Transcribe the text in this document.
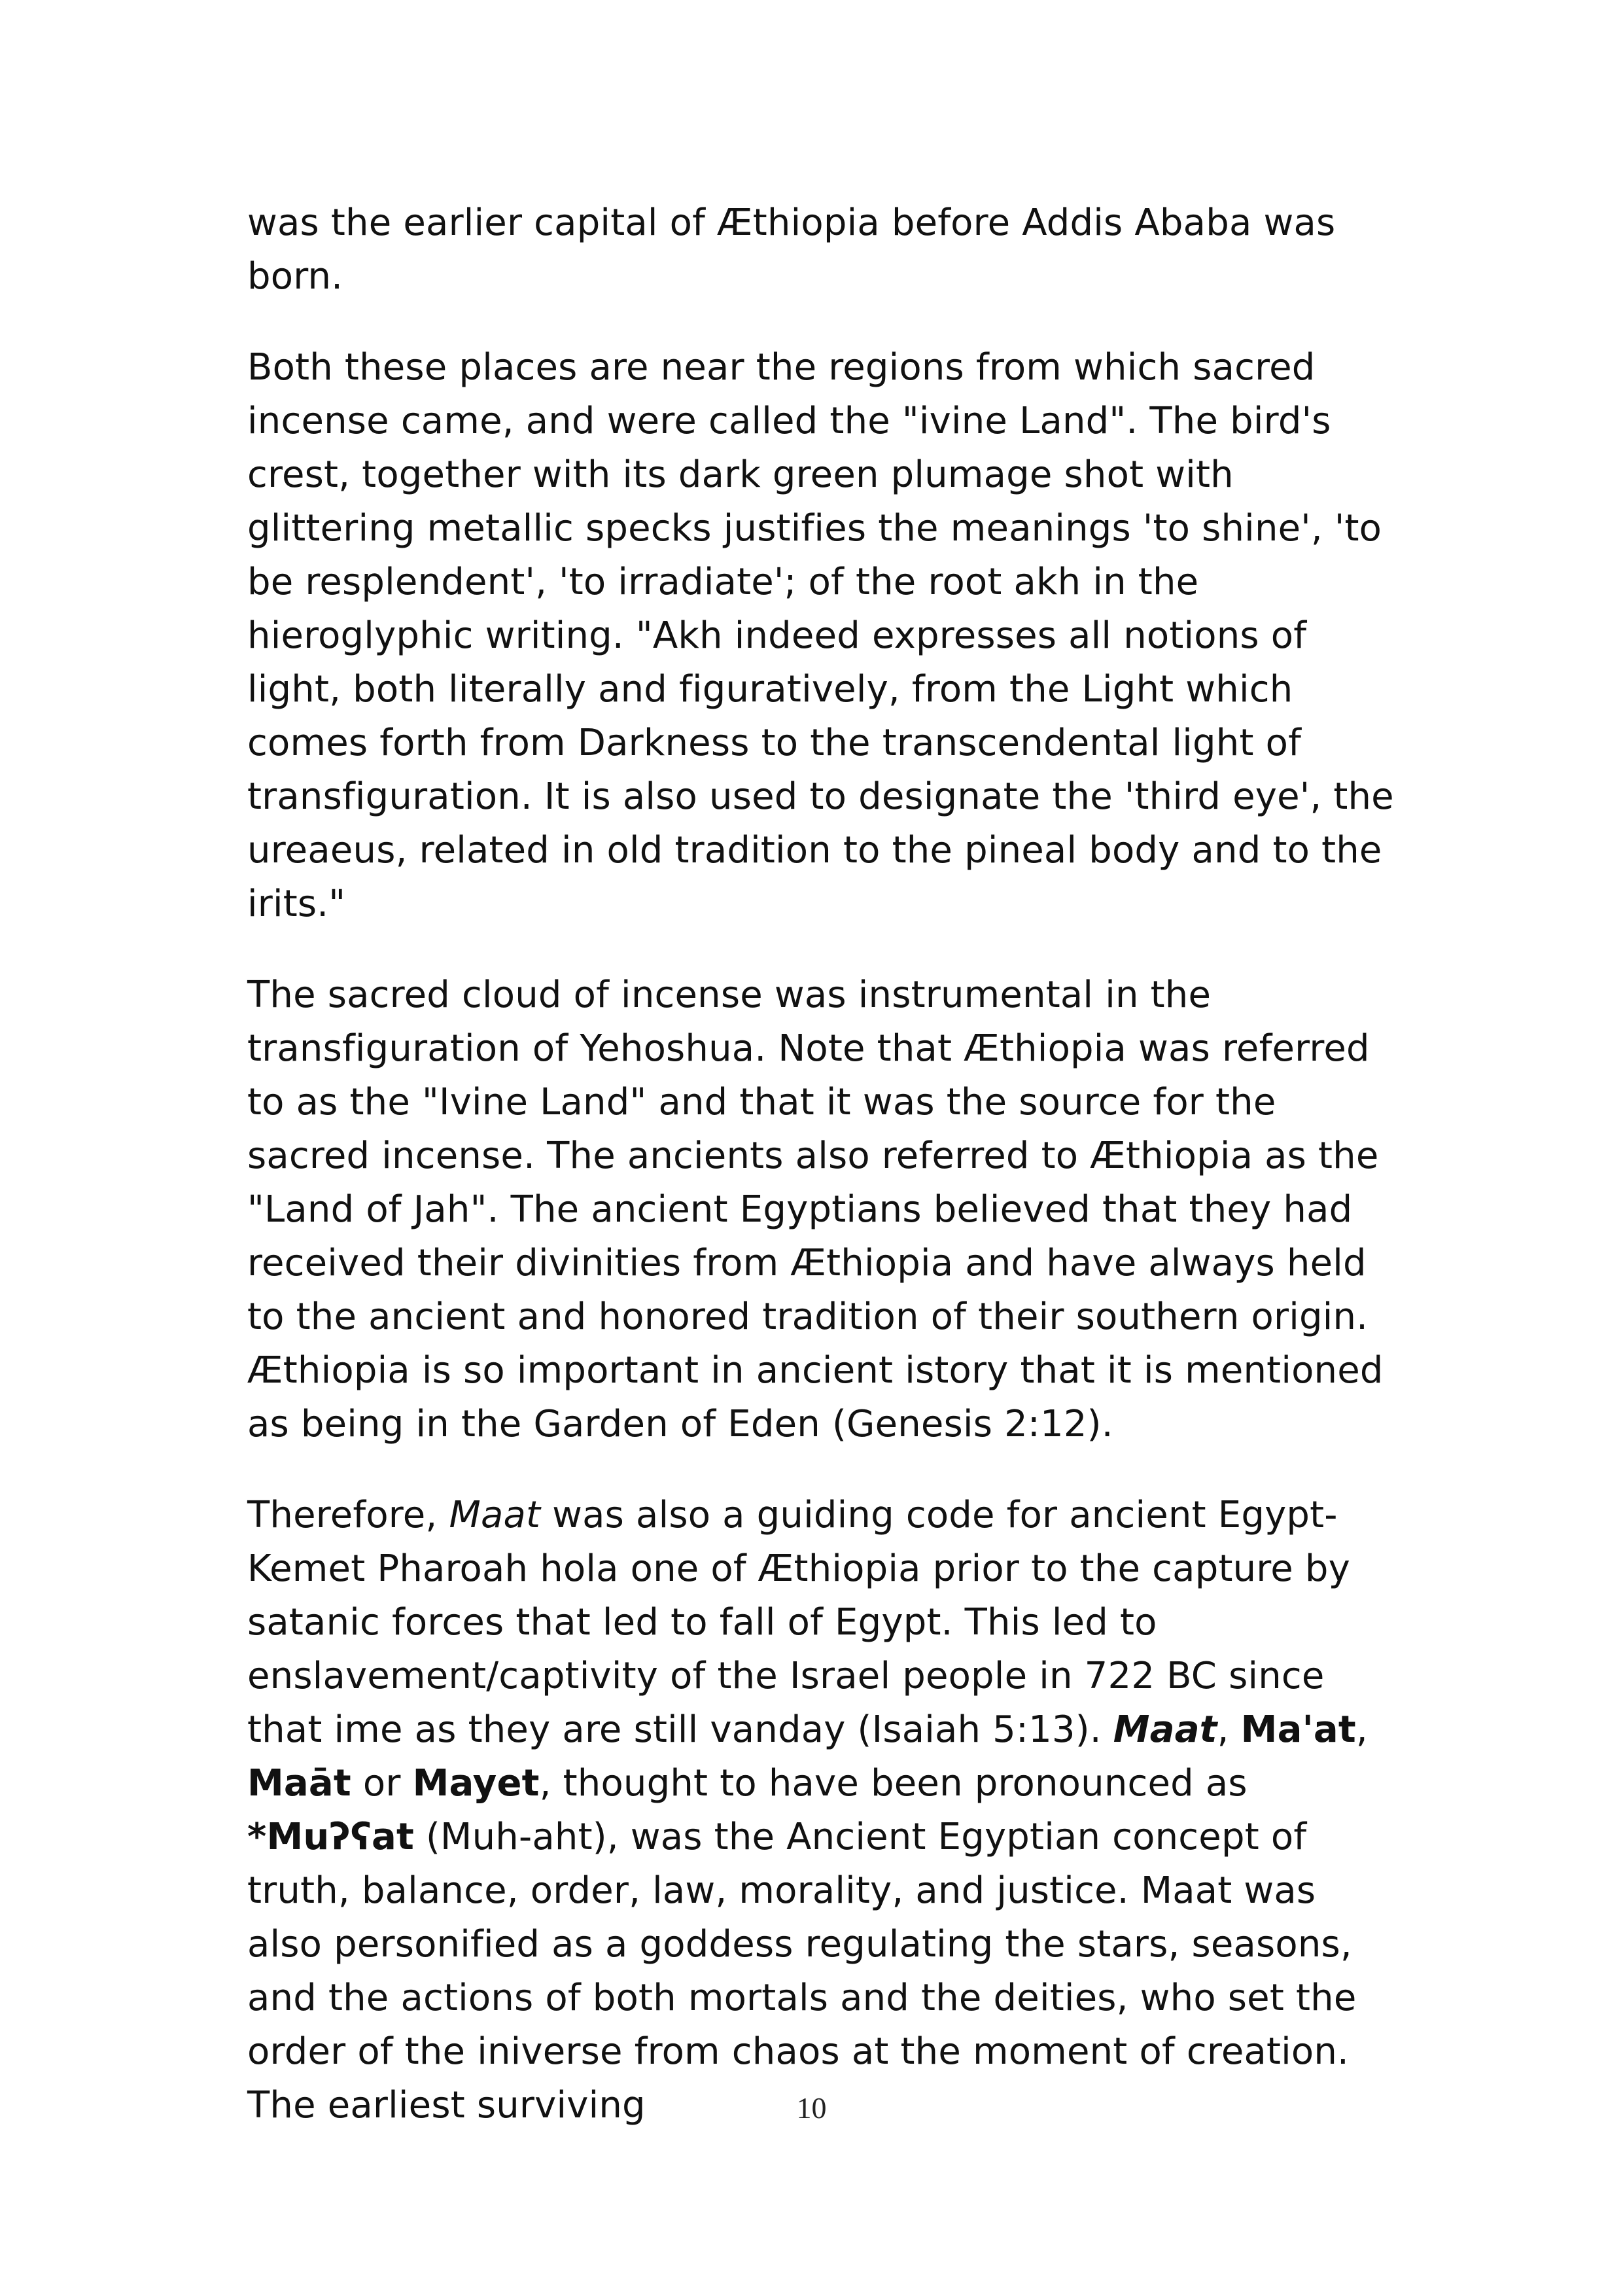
was the earlier capital of Æthiopia before Addis Ababa was born.

Both these places are near the regions from which sacred incense came, and were called the "ivine Land". The bird's crest, together with its dark green plumage shot with glittering metallic specks justifies the meanings 'to shine', 'to be resplendent', 'to irradiate'; of the root akh in the hieroglyphic writing. "Akh indeed expresses all notions of light, both literally and figuratively, from the Light which comes forth from Darkness to the transcendental light of transfiguration. It is also used to designate the 'third eye', the ureaeus, related in old tradition to the pineal body and to the irits."

The sacred cloud of incense was instrumental in the transfiguration of Yehoshua. Note that Æthiopia was referred to as the "Ivine Land" and that it was the source for the sacred incense. The ancients also referred to Æthiopia as the "Land of Jah". The ancient Egyptians believed that they had received their divinities from Æthiopia and have always held to the ancient and honored tradition of their southern origin. Æthiopia is so important in ancient istory that it is mentioned as being in the Garden of Eden (Genesis 2:12).

Therefore, Maat was also a guiding code for ancient Egypt-Kemet Pharoah hola one of Æthiopia prior to the capture by satanic forces that led to fall of Egypt. This led to enslavement/captivity of the Israel people in 722 BC since that ime as they are still vanday (Isaiah 5:13). Maat, Ma'at, Maāt or Mayet, thought to have been pronounced as *Muʔʕat (Muh-aht), was the Ancient Egyptian concept of truth, balance, order, law, morality, and justice. Maat was also personified as a goddess regulating the stars, seasons, and the actions of both mortals and the deities, who set the order of the iniverse from chaos at the moment of creation. The earliest surviving	10
